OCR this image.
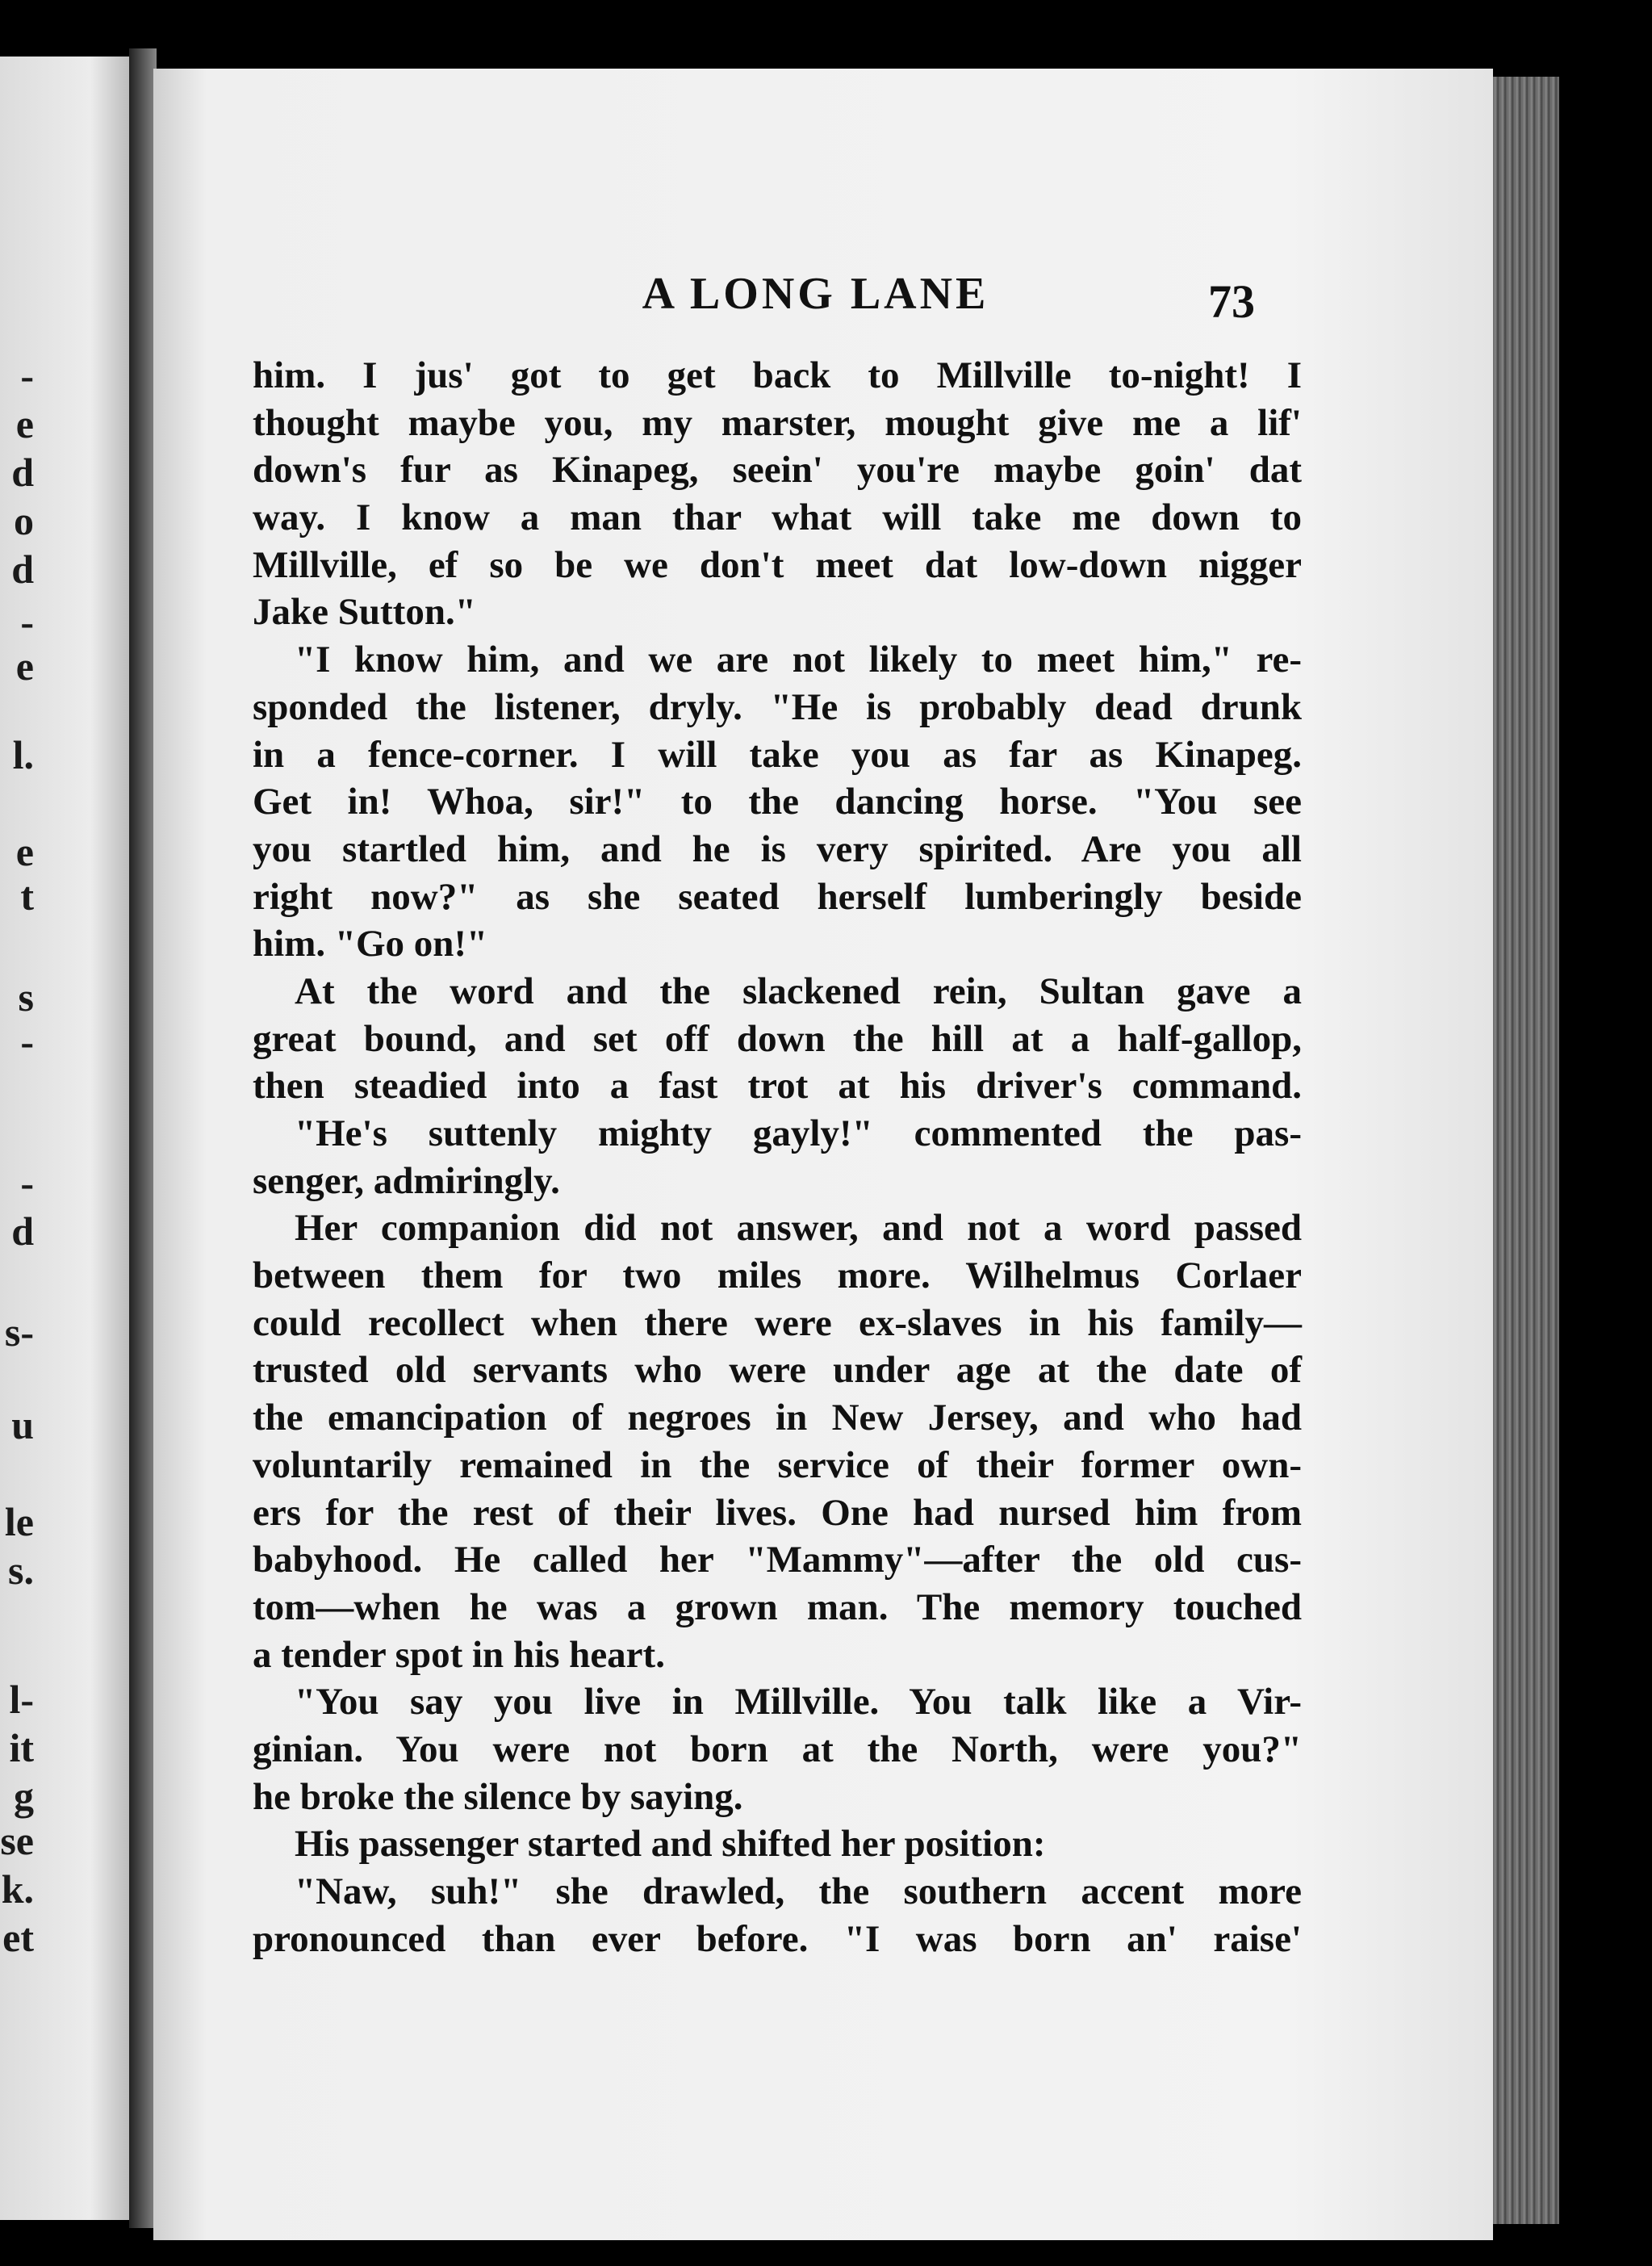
-
e
d
o
d
-
e
l.
e
t
s
-
-
d
s-
u
le
s.
l-
it
g
se
k.
et
A LONG LANE	73
him. I jus' got to get back to Millville to-night! I
thought maybe you, my marster, mought give me a lif'
down's fur as Kinapeg, seein' you're maybe goin' dat
way. I know a man thar what will take me down to
Millville, ef so be we don't meet dat low-down nigger
Jake Sutton."
"I know him, and we are not likely to meet him," re-
sponded the listener, dryly. "He is probably dead drunk
in a fence-corner. I will take you as far as Kinapeg.
Get in! Whoa, sir!" to the dancing horse. "You see
you startled him, and he is very spirited. Are you all
right now?" as she seated herself lumberingly beside
him. "Go on!"
At the word and the slackened rein, Sultan gave a
great bound, and set off down the hill at a half-gallop,
then steadied into a fast trot at his driver's command.
"He's suttenly mighty gayly!" commented the pas-
senger, admiringly.
Her companion did not answer, and not a word passed
between them for two miles more. Wilhelmus Corlaer
could recollect when there were ex-slaves in his family—
trusted old servants who were under age at the date of
the emancipation of negroes in New Jersey, and who had
voluntarily remained in the service of their former own-
ers for the rest of their lives. One had nursed him from
babyhood. He called her "Mammy"—after the old cus-
tom—when he was a grown man. The memory touched
a tender spot in his heart.
"You say you live in Millville. You talk like a Vir-
ginian. You were not born at the North, were you?"
he broke the silence by saying.
His passenger started and shifted her position:
"Naw, suh!" she drawled, the southern accent more
pronounced than ever before. "I was born an' raise'
